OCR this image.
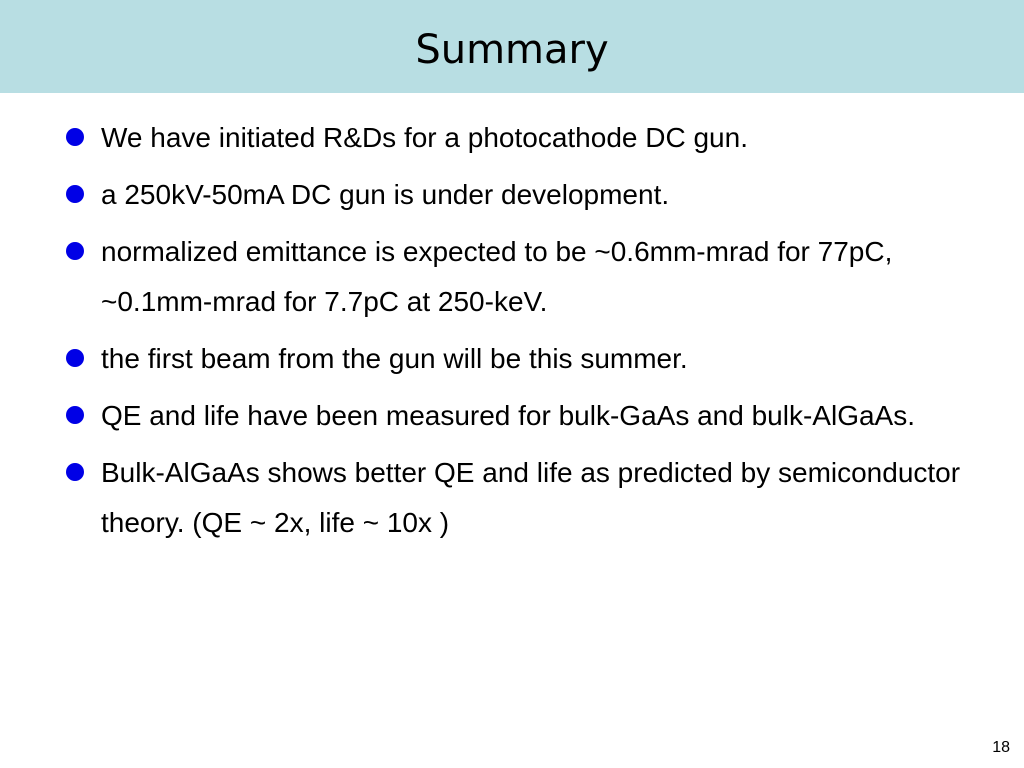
Summary
We have initiated R&Ds for a photocathode DC gun.
a 250kV-50mA DC gun is under development.
normalized emittance is expected to be ~0.6mm-mrad for 77pC, ~0.1mm-mrad for 7.7pC at 250-keV.
the first beam from the gun will be this summer.
QE and life have been measured for bulk-GaAs and bulk-AlGaAs.
Bulk-AlGaAs shows better QE and life as predicted by semiconductor theory. (QE ~ 2x, life ~ 10x )
18
